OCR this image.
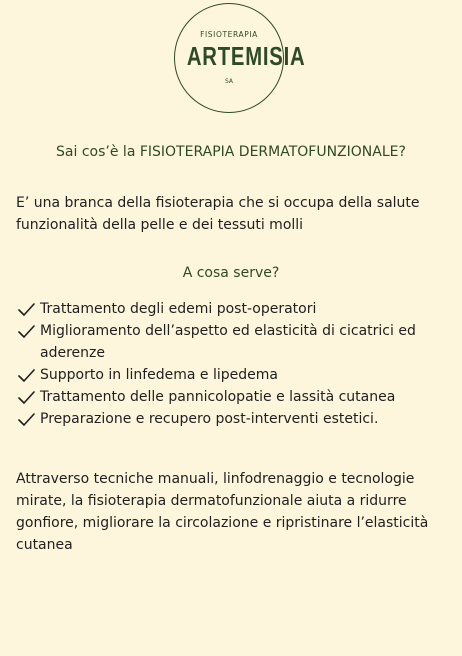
FISIOTERAPIA
ARTEMISIA
SA
Sai cos’è la FISIOTERAPIA DERMATOFUNZIONALE?
E’ una branca della fisioterapia che si occupa della salute funzionalità della pelle e dei tessuti molli
A cosa serve?
Trattamento degli edemi post-operatori
Miglioramento dell’aspetto ed elasticità di cicatrici ed aderenze
Supporto in linfedema e lipedema
Trattamento delle pannicolopatie e lassità cutanea
Preparazione e recupero post-interventi estetici.
Attraverso tecniche manuali, linfodrenaggio e tecnologie mirate, la fisioterapia dermatofunzionale aiuta a ridurre gonfiore, migliorare la circolazione e ripristinare l’elasticità cutanea
